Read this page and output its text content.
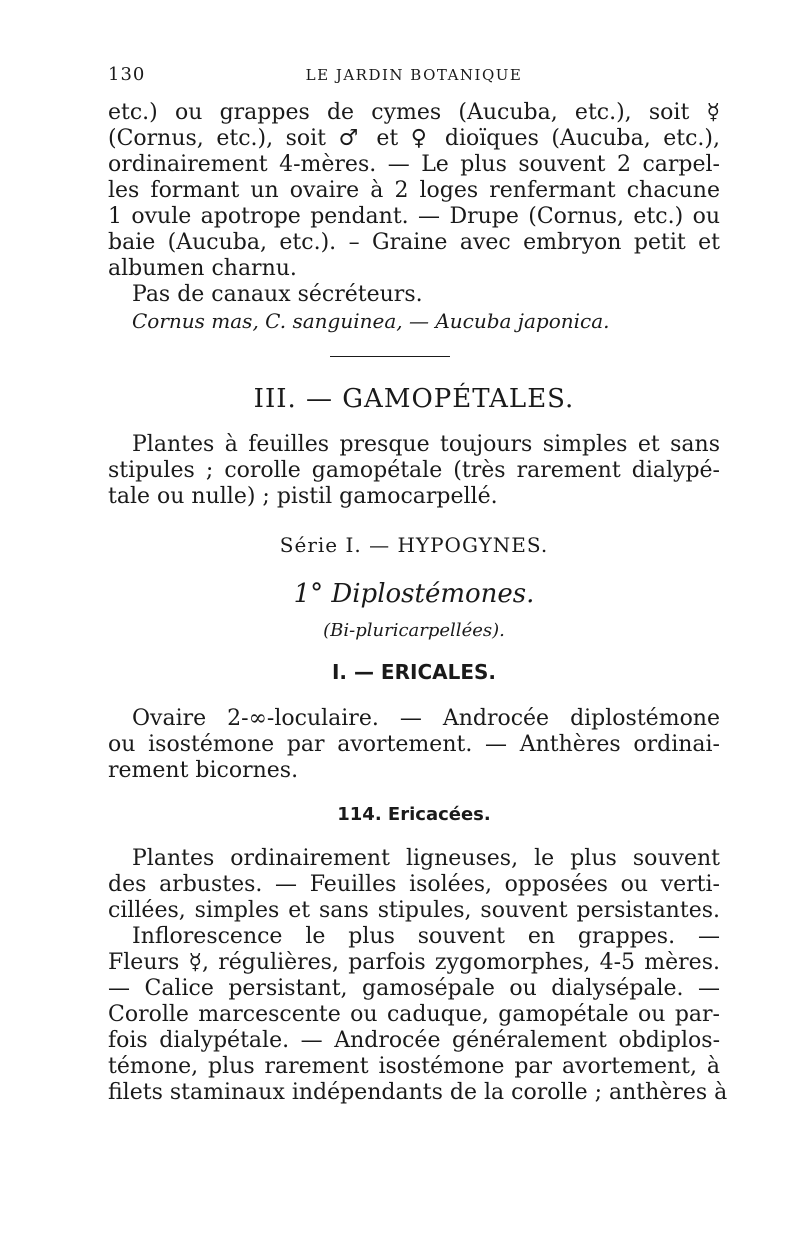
130	LE JARDIN BOTANIQUE
etc.) ou grappes de cymes (Aucuba, etc.), soit ☿
(Cornus, etc.), soit ♂ et ♀ dioïques (Aucuba, etc.),
ordinairement 4-mères. — Le plus souvent 2 carpel-
les formant un ovaire à 2 loges renfermant chacune
1 ovule apotrope pendant. — Drupe (Cornus, etc.) ou
baie (Aucuba, etc.). – Graine avec embryon petit et
albumen charnu.
Pas de canaux sécréteurs.
Cornus mas, C. sanguinea, — Aucuba japonica.
III. — GAMOPÉTALES.
Plantes à feuilles presque toujours simples et sans
stipules ; corolle gamopétale (très rarement dialypé-
tale ou nulle) ; pistil gamocarpellé.
Série I. — HYPOGYNES.
1° Diplostémones.
(Bi-pluricarpellées).
I. — ERICALES.
Ovaire 2-∞-loculaire. — Androcée diplostémone
ou isostémone par avortement. — Anthères ordinai-
rement bicornes.
114. Ericacées.
Plantes ordinairement ligneuses, le plus souvent
des arbustes. — Feuilles isolées, opposées ou verti-
cillées, simples et sans stipules, souvent persistantes.
Inflorescence le plus souvent en grappes. —
Fleurs ☿, régulières, parfois zygomorphes, 4-5 mères.
— Calice persistant, gamosépale ou dialysépale. —
Corolle marcescente ou caduque, gamopétale ou par-
fois dialypétale. — Androcée généralement obdiplos-
témone, plus rarement isostémone par avortement, à
filets staminaux indépendants de la corolle ; anthères à
